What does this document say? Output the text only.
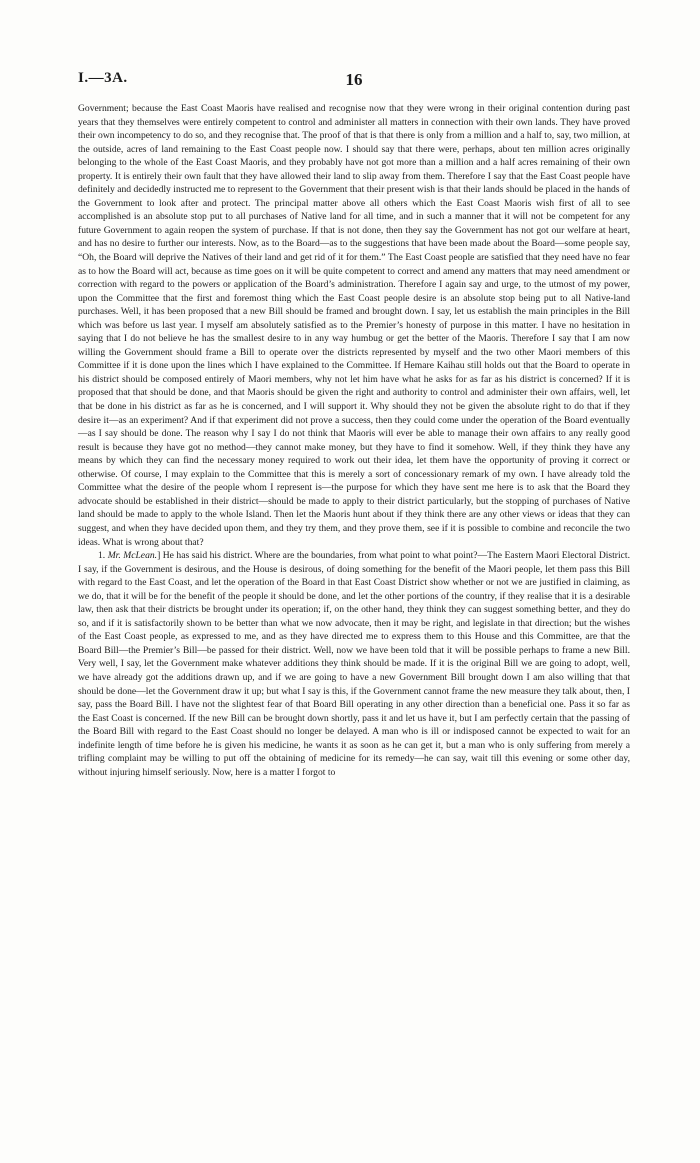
I.—3A.	16

Government; because the East Coast Maoris have realised and recognise now that they were wrong in their original contention during past years that they themselves were entirely competent to control and administer all matters in connection with their own lands. They have proved their own incompetency to do so, and they recognise that. The proof of that is that there is only from a million and a half to, say, two million, at the outside, acres of land remaining to the East Coast people now. I should say that there were, perhaps, about ten million acres originally belonging to the whole of the East Coast Maoris, and they probably have not got more than a million and a half acres remaining of their own property. It is entirely their own fault that they have allowed their land to slip away from them. Therefore I say that the East Coast people have definitely and decidedly instructed me to represent to the Government that their present wish is that their lands should be placed in the hands of the Government to look after and protect. The principal matter above all others which the East Coast Maoris wish first of all to see accomplished is an absolute stop put to all purchases of Native land for all time, and in such a manner that it will not be competent for any future Government to again reopen the system of purchase. If that is not done, then they say the Government has not got our welfare at heart, and has no desire to further our interests. Now, as to the Board—as to the suggestions that have been made about the Board—some people say, “Oh, the Board will deprive the Natives of their land and get rid of it for them.” The East Coast people are satisfied that they need have no fear as to how the Board will act, because as time goes on it will be quite competent to correct and amend any matters that may need amendment or correction with regard to the powers or application of the Board’s administration. Therefore I again say and urge, to the utmost of my power, upon the Committee that the first and foremost thing which the East Coast people desire is an absolute stop being put to all Native-land purchases. Well, it has been proposed that a new Bill should be framed and brought down. I say, let us establish the main principles in the Bill which was before us last year. I myself am absolutely satisfied as to the Premier’s honesty of purpose in this matter. I have no hesitation in saying that I do not believe he has the smallest desire to in any way humbug or get the better of the Maoris. Therefore I say that I am now willing the Government should frame a Bill to operate over the districts represented by myself and the two other Maori members of this Committee if it is done upon the lines which I have explained to the Committee. If Hemare Kaihau still holds out that the Board to operate in his district should be composed entirely of Maori members, why not let him have what he asks for as far as his district is concerned? If it is proposed that that should be done, and that Maoris should be given the right and authority to control and administer their own affairs, well, let that be done in his district as far as he is concerned, and I will support it. Why should they not be given the absolute right to do that if they desire it—as an experiment? And if that experiment did not prove a success, then they could come under the operation of the Board eventually—as I say should be done. The reason why I say I do not think that Maoris will ever be able to manage their own affairs to any really good result is because they have got no method—they cannot make money, but they have to find it somehow. Well, if they think they have any means by which they can find the necessary money required to work out their idea, let them have the opportunity of proving it correct or otherwise. Of course, I may explain to the Committee that this is merely a sort of concessionary remark of my own. I have already told the Committee what the desire of the people whom I represent is—the purpose for which they have sent me here is to ask that the Board they advocate should be established in their district—should be made to apply to their district particularly, but the stopping of purchases of Native land should be made to apply to the whole Island. Then let the Maoris hunt about if they think there are any other views or ideas that they can suggest, and when they have decided upon them, and they try them, and they prove them, see if it is possible to combine and reconcile the two ideas. What is wrong about that?

1. Mr. McLean.] He has said his district. Where are the boundaries, from what point to what point?—The Eastern Maori Electoral District. I say, if the Government is desirous, and the House is desirous, of doing something for the benefit of the Maori people, let them pass this Bill with regard to the East Coast, and let the operation of the Board in that East Coast District show whether or not we are justified in claiming, as we do, that it will be for the benefit of the people it should be done, and let the other portions of the country, if they realise that it is a desirable law, then ask that their districts be brought under its operation; if, on the other hand, they think they can suggest something better, and they do so, and if it is satisfactorily shown to be better than what we now advocate, then it may be right, and legislate in that direction; but the wishes of the East Coast people, as expressed to me, and as they have directed me to express them to this House and this Committee, are that the Board Bill—the Premier’s Bill—be passed for their district. Well, now we have been told that it will be possible perhaps to frame a new Bill. Very well, I say, let the Government make whatever additions they think should be made. If it is the original Bill we are going to adopt, well, we have already got the additions drawn up, and if we are going to have a new Government Bill brought down I am also willing that that should be done—let the Government draw it up; but what I say is this, if the Government cannot frame the new measure they talk about, then, I say, pass the Board Bill. I have not the slightest fear of that Board Bill operating in any other direction than a beneficial one. Pass it so far as the East Coast is concerned. If the new Bill can be brought down shortly, pass it and let us have it, but I am perfectly certain that the passing of the Board Bill with regard to the East Coast should no longer be delayed. A man who is ill or indisposed cannot be expected to wait for an indefinite length of time before he is given his medicine, he wants it as soon as he can get it, but a man who is only suffering from merely a trifling complaint may be willing to put off the obtaining of medicine for its remedy—he can say, wait till this evening or some other day, without injuring himself seriously. Now, here is a matter I forgot to
